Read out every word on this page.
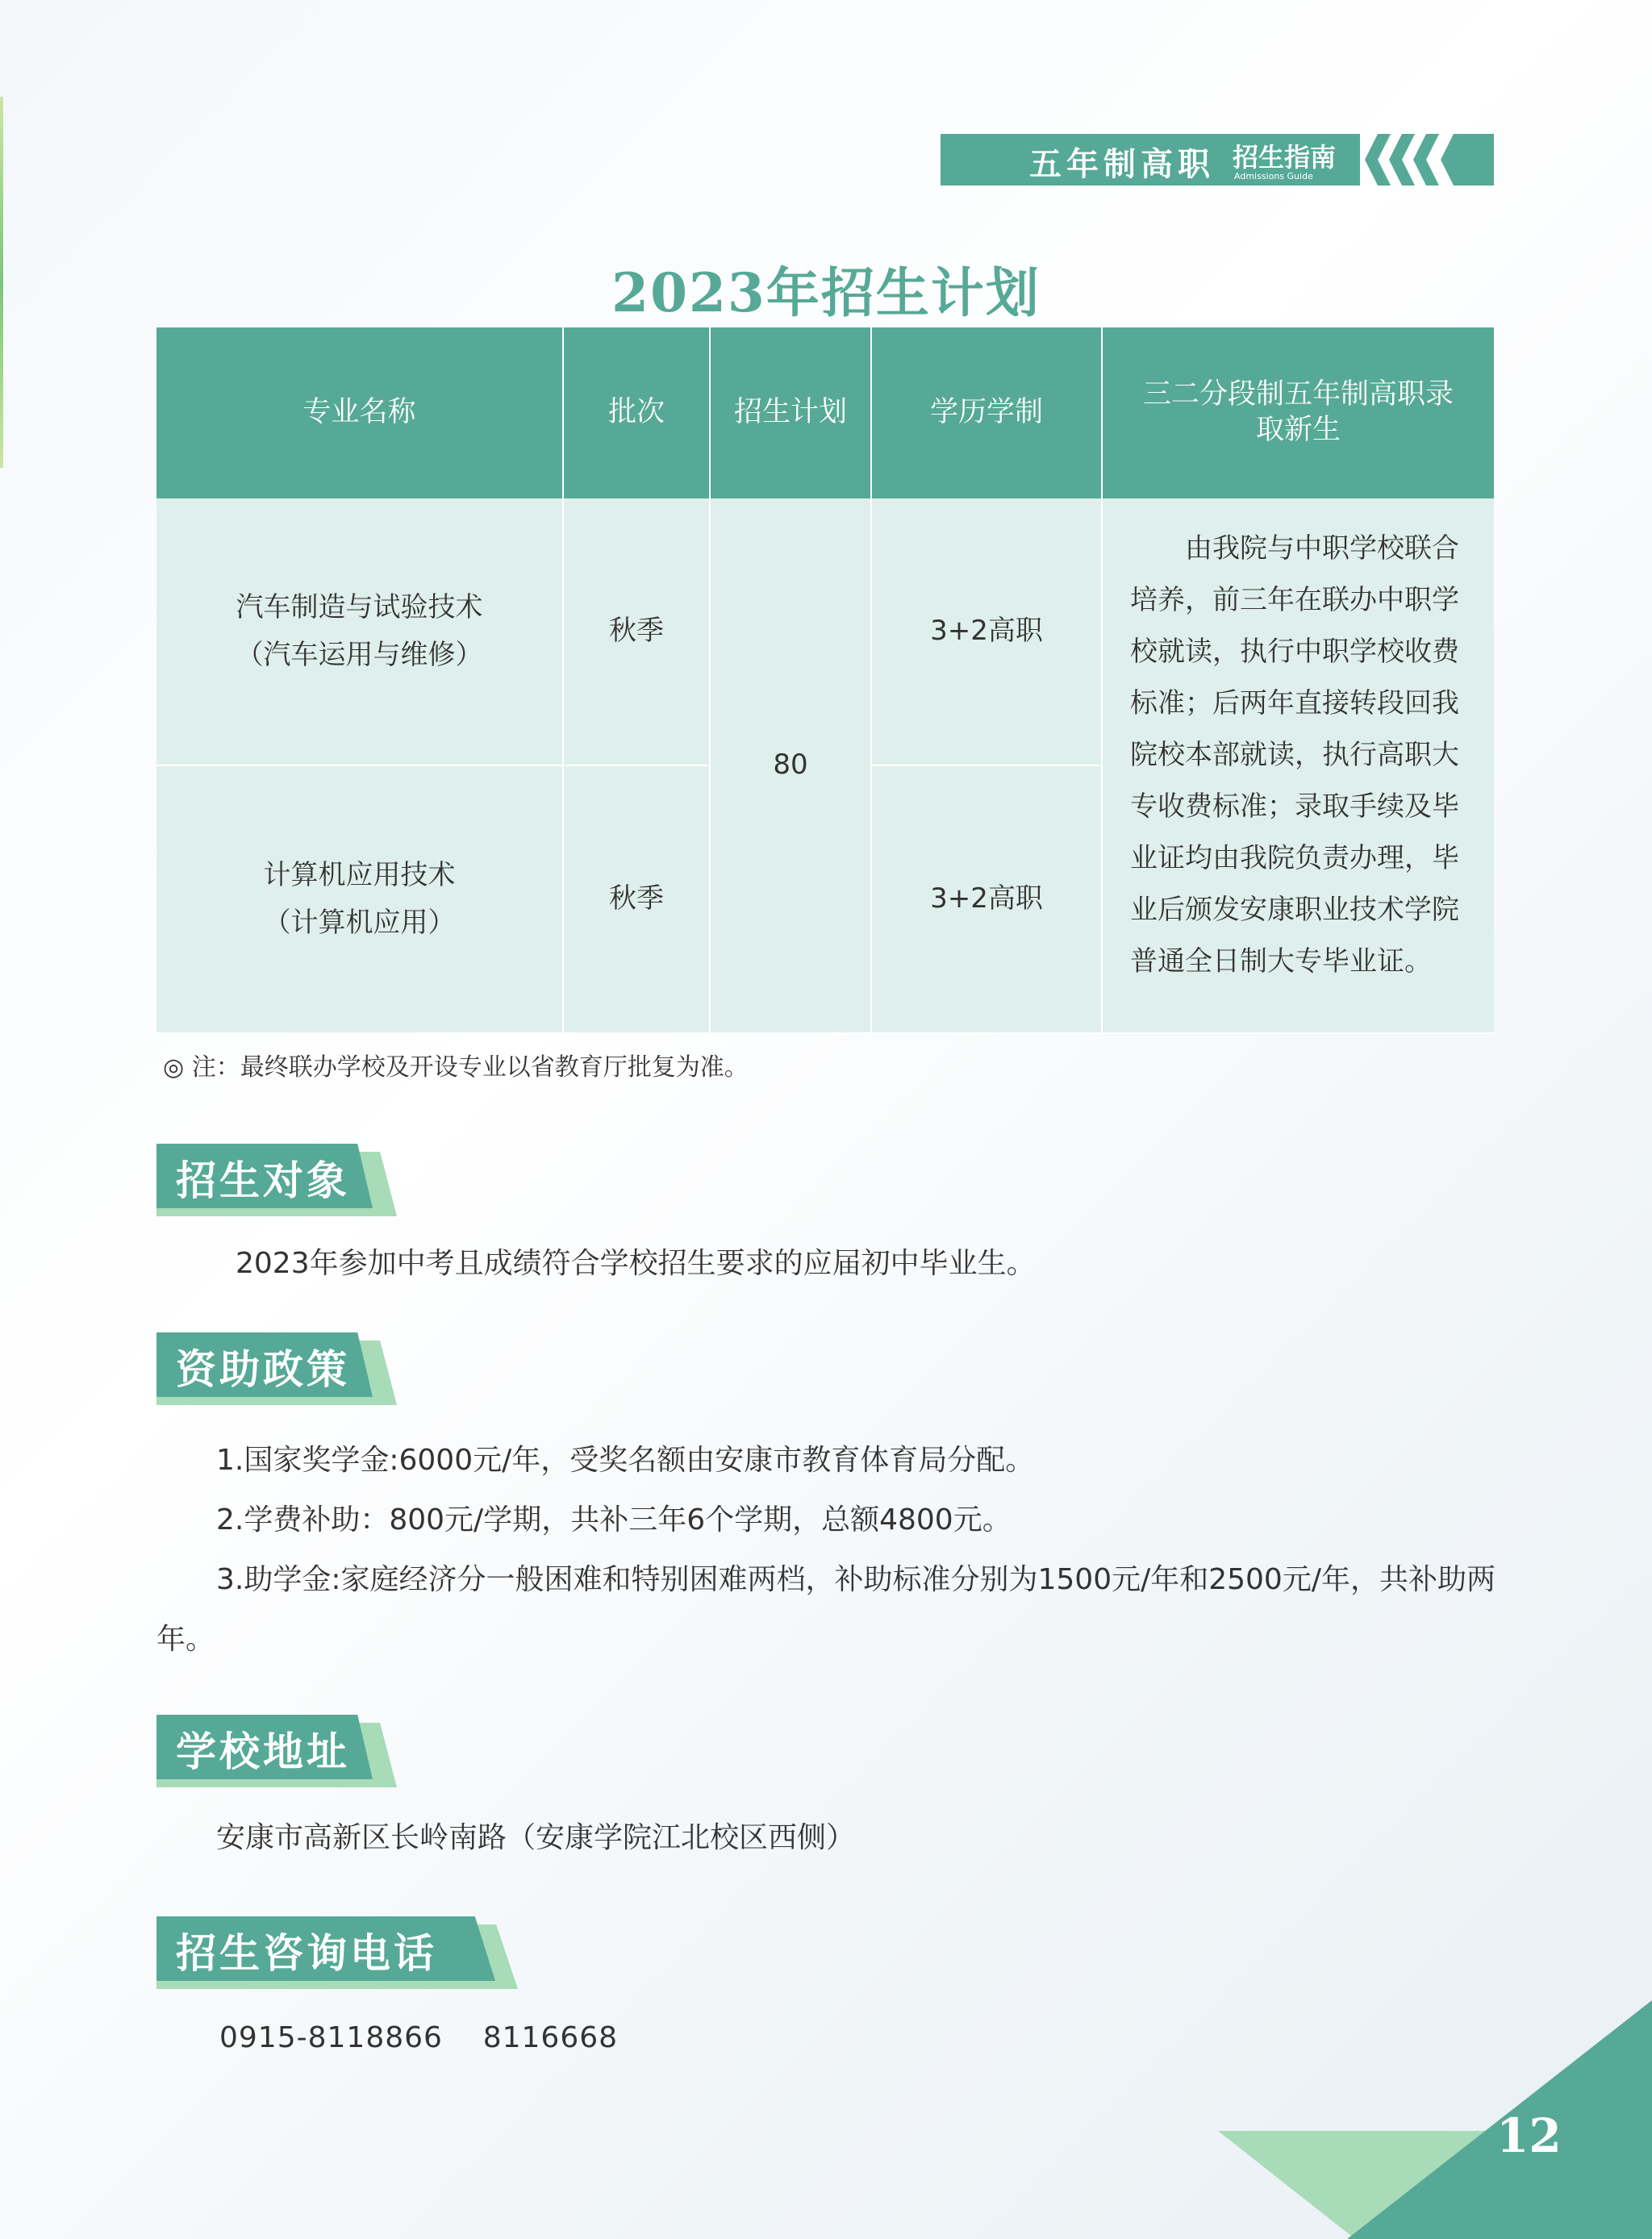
五年制高职 招生指南
Admissions Guide
2023年招生计划
专业名称	批次	招生计划	学历学制	三二分段制五年制高职录取新生

汽车制造与试验技术
（汽车运用与维修）	秋季	80	3+2高职	由我院与中职学校联合培养，前三年在联办中职学校就读，执行中职学校收费标准；后两年直接转段回我院校本部就读，执行高职大专收费标准；录取手续及毕业证均由我院负责办理，毕业后颁发安康职业技术学院普通全日制大专毕业证。

计算机应用技术
（计算机应用）	秋季		3+2高职	
◎ 注：最终联办学校及开设专业以省教育厅批复为准。
招生对象
2023年参加中考且成绩符合学校招生要求的应届初中毕业生。
资助政策
1.国家奖学金:6000元/年，受奖名额由安康市教育体育局分配。
2.学费补助：800元/学期，共补三年6个学期，总额4800元。
3.助学金:家庭经济分一般困难和特别困难两档，补助标准分别为1500元/年和2500元/年，共补助两
年。
学校地址
安康市高新区长岭南路（安康学院江北校区西侧）
招生咨询电话
0915-8118866    8116668
12
